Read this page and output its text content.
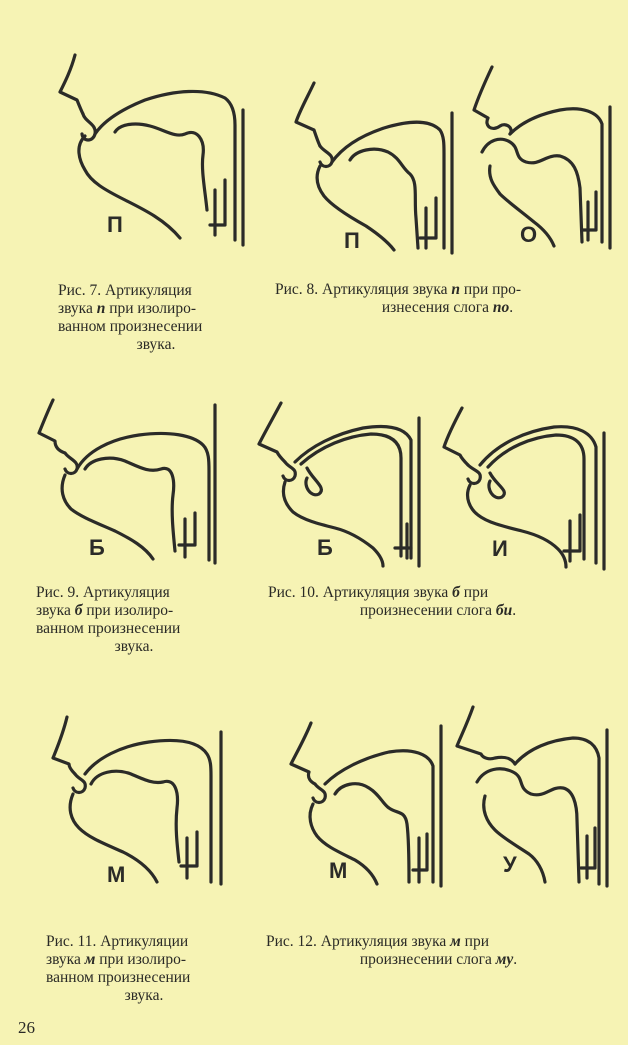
П
П	О
Рис. 7. Артикуляция
звука п при изолиро-
ванном произнесении
звука.
Рис. 8. Артикуляция звука п при про-
изнесения слога по.
Б	Б	И
Рис. 9. Артикуляция
звука б при изолиро-
ванном произнесении
звука.
Рис. 10. Артикуляция звука б при
произнесении слога би.
М	М	У
Рис. 11. Артикуляции
звука м при изолиро-
ванном произнесении
звука.
Рис. 12. Артикуляция звука м при
произнесении слога му.
26
